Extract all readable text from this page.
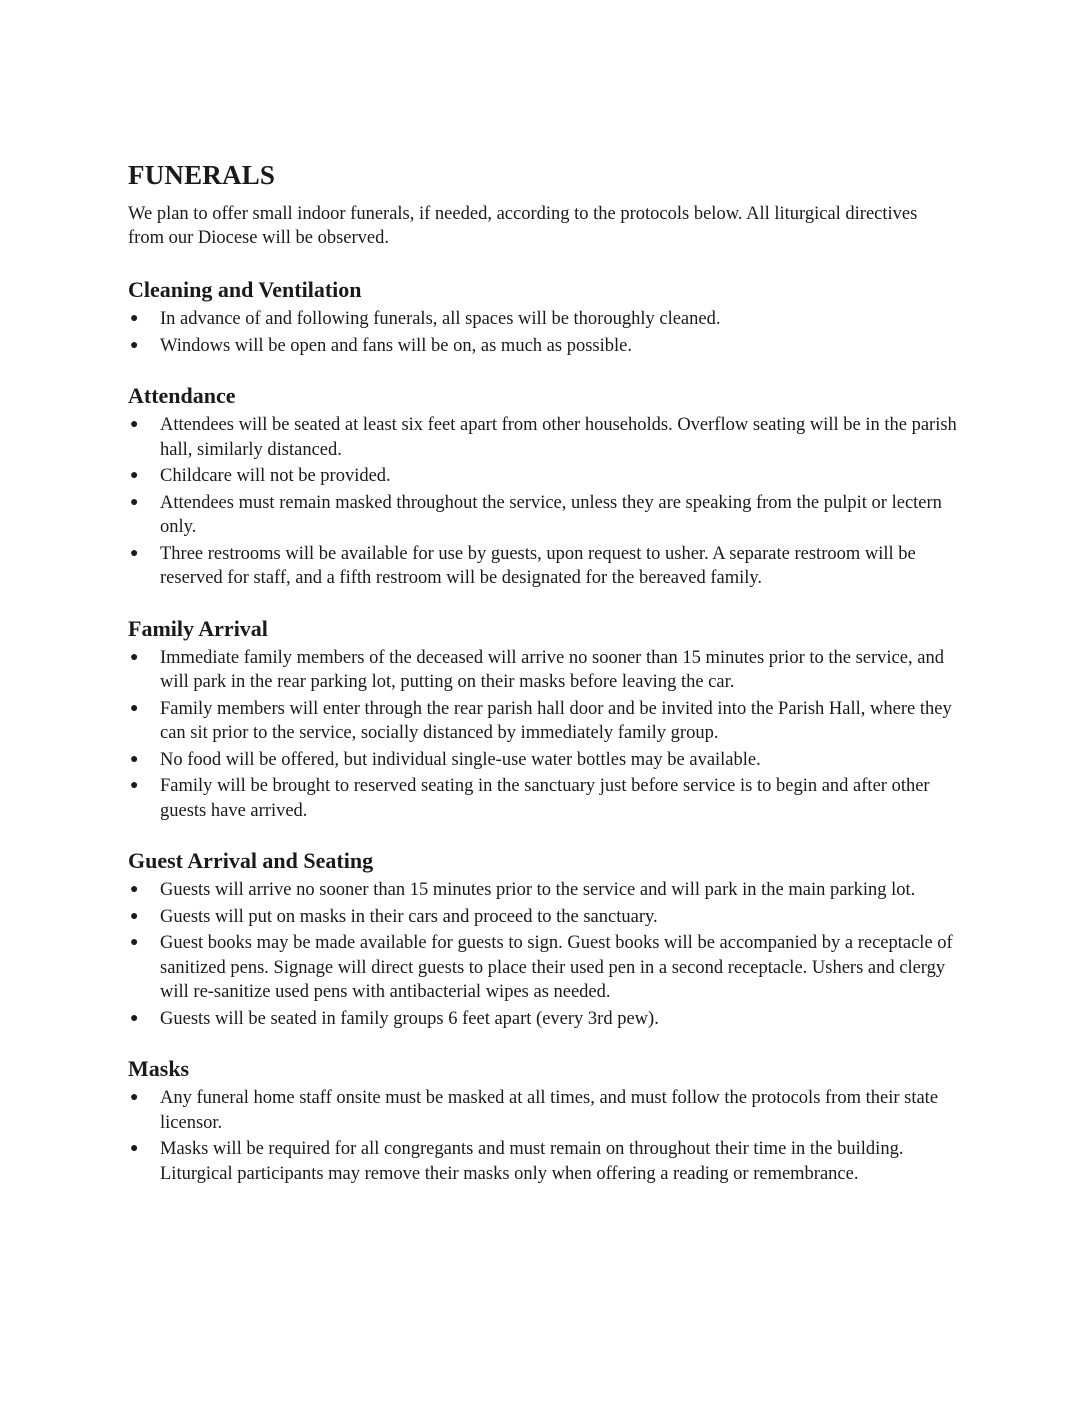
FUNERALS

We plan to offer small indoor funerals, if needed, according to the protocols below. All liturgical directives from our Diocese will be observed.

Cleaning and Ventilation
● In advance of and following funerals, all spaces will be thoroughly cleaned.
● Windows will be open and fans will be on, as much as possible.
Attendance
● Attendees will be seated at least six feet apart from other households. Overflow seating will be in the parish hall, similarly distanced.
● Childcare will not be provided.
● Attendees must remain masked throughout the service, unless they are speaking from the pulpit or lectern only.
● Three restrooms will be available for use by guests, upon request to usher. A separate restroom will be reserved for staff, and a fifth restroom will be designated for the bereaved family.
Family Arrival
● Immediate family members of the deceased will arrive no sooner than 15 minutes prior to the service, and will park in the rear parking lot, putting on their masks before leaving the car.
● Family members will enter through the rear parish hall door and be invited into the Parish Hall, where they can sit prior to the service, socially distanced by immediately family group.
● No food will be offered, but individual single-use water bottles may be available.
● Family will be brought to reserved seating in the sanctuary just before service is to begin and after other guests have arrived.
Guest Arrival and Seating
● Guests will arrive no sooner than 15 minutes prior to the service and will park in the main parking lot.
● Guests will put on masks in their cars and proceed to the sanctuary.
● Guest books may be made available for guests to sign. Guest books will be accompanied by a receptacle of sanitized pens. Signage will direct guests to place their used pen in a second receptacle. Ushers and clergy will re-sanitize used pens with antibacterial wipes as needed.
● Guests will be seated in family groups 6 feet apart (every 3rd pew).
Masks
● Any funeral home staff onsite must be masked at all times, and must follow the protocols from their state licensor.
● Masks will be required for all congregants and must remain on throughout their time in the building. Liturgical participants may remove their masks only when offering a reading or remembrance.
